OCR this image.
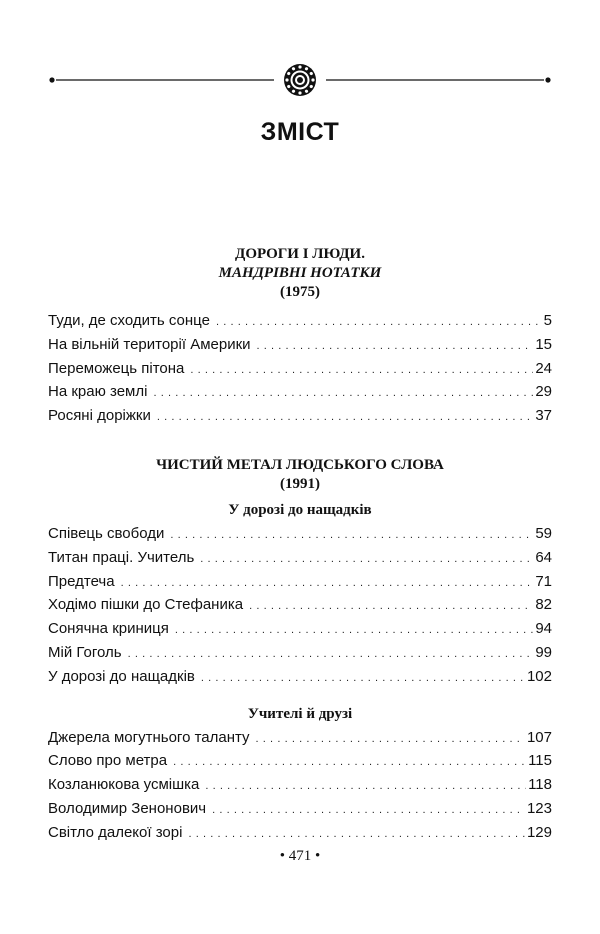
ЗМІСТ
ДОРОГИ І ЛЮДИ.
МАНДРІВНІ НОТАТКИ
(1975)
Туди, де сходить сонце .....	5
На вільній території Америки .....	15
Переможець пітона .....	24
На краю землі .....	29
Росяні доріжки .....	37
ЧИСТИЙ МЕТАЛ ЛЮДСЬКОГО СЛОВА
(1991)
У дорозі до нащадків
Співець свободи .....	59
Титан праці. Учитель .....	64
Предтеча .....	71
Ходімо пішки до Стефаника .....	82
Сонячна криниця .....	94
Мій Гоголь .....	99
У дорозі до нащадків .....	102
Учителі й друзі
Джерела могутнього таланту .....	107
Слово про метра .....	115
Козланюкова усмішка .....	118
Володимир Зенонович .....	123
Світло далекої зорі .....	129
• 471 •
